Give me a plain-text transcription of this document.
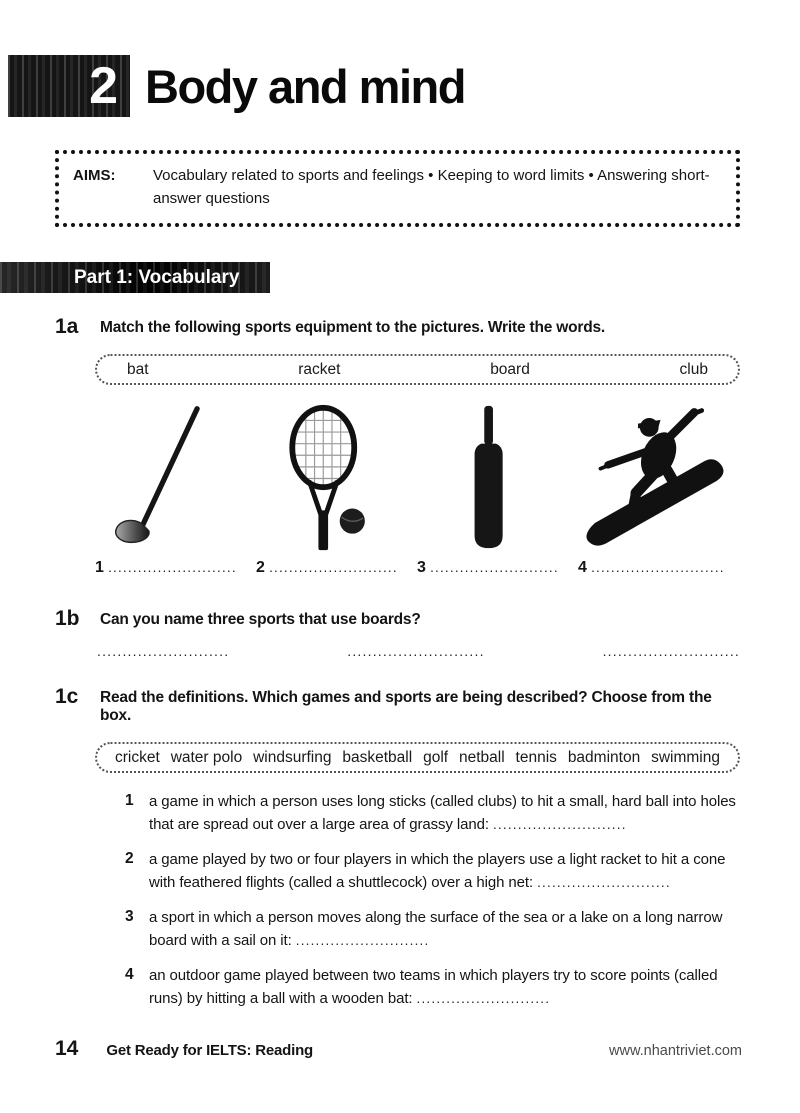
2 Body and mind
AIMS:	Vocabulary related to sports and feelings • Keeping to word limits • Answering short-answer questions
Part 1: Vocabulary
1a	Match the following sports equipment to the pictures. Write the words.
bat	racket	board	club
1 ..........................	2 ..........................	3 ..........................	4 ...........................
1b	Can you name three sports that use boards?
..........................	...........................	...........................
1c	Read the definitions. Which games and sports are being described? Choose from the box.
cricket water polo windsurfing basketball golf netball tennis badminton swimming
1	a game in which a person uses long sticks (called clubs) to hit a small, hard ball into holes that are spread out over a large area of grassy land: ...........................
2	a game played by two or four players in which the players use a light racket to hit a cone with feathered flights (called a shuttlecock) over a high net: ...........................
3	a sport in which a person moves along the surface of the sea or a lake on a long narrow board with a sail on it: ...........................
4	an outdoor game played between two teams in which players try to score points (called runs) by hitting a ball with a wooden bat: ...........................
14 Get Ready for IELTS: Reading	www.nhantriviet.com
